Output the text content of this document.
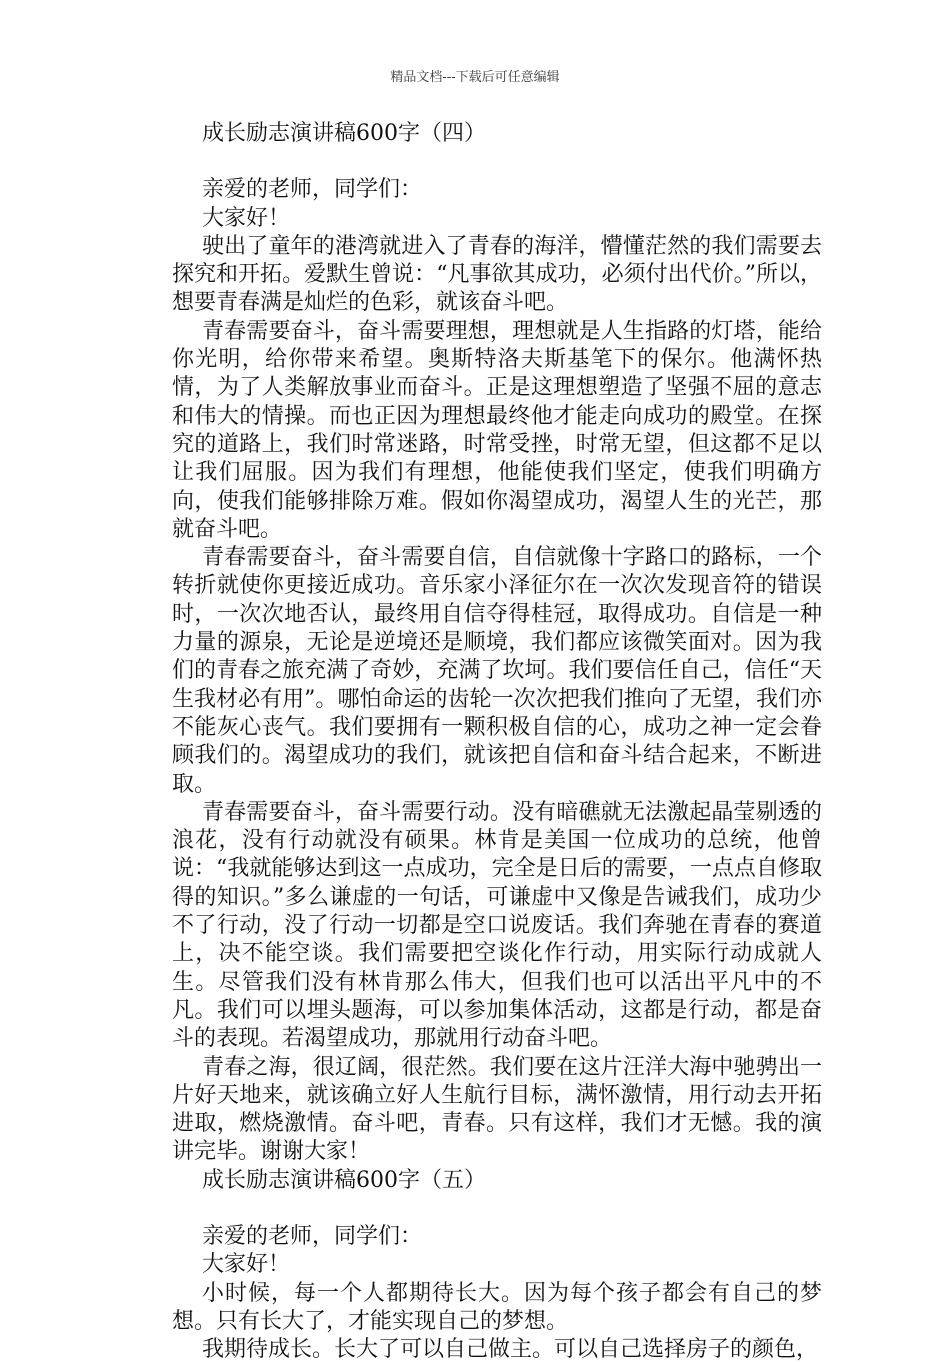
精品文档---下载后可任意编辑

成长励志演讲稿600字（四）

亲爱的老师，同学们：

大家好！

驶出了童年的港湾就进入了青春的海洋，懵懂茫然的我们需要去探究和开拓。爱默生曾说：“凡事欲其成功，必须付出代价。”所以，想要青春满是灿烂的色彩，就该奋斗吧。

青春需要奋斗，奋斗需要理想，理想就是人生指路的灯塔，能给你光明，给你带来希望。奥斯特洛夫斯基笔下的保尔。他满怀热情，为了人类解放事业而奋斗。正是这理想塑造了坚强不屈的意志和伟大的情操。而也正因为理想最终他才能走向成功的殿堂。在探究的道路上，我们时常迷路，时常受挫，时常无望，但这都不足以让我们屈服。因为我们有理想，他能使我们坚定，使我们明确方向，使我们能够排除万难。假如你渴望成功，渴望人生的光芒，那就奋斗吧。

青春需要奋斗，奋斗需要自信，自信就像十字路口的路标，一个转折就使你更接近成功。音乐家小泽征尔在一次次发现音符的错误时，一次次地否认，最终用自信夺得桂冠，取得成功。自信是一种力量的源泉，无论是逆境还是顺境，我们都应该微笑面对。因为我们的青春之旅充满了奇妙，充满了坎坷。我们要信任自己，信任“天生我材必有用”。哪怕命运的齿轮一次次把我们推向了无望，我们亦不能灰心丧气。我们要拥有一颗积极自信的心，成功之神一定会眷顾我们的。渴望成功的我们，就该把自信和奋斗结合起来，不断进取。

青春需要奋斗，奋斗需要行动。没有暗礁就无法激起晶莹剔透的浪花，没有行动就没有硕果。林肯是美国一位成功的总统，他曾说：“我就能够达到这一点成功，完全是日后的需要，一点点自修取得的知识。”多么谦虚的一句话，可谦虚中又像是告诫我们，成功少不了行动，没了行动一切都是空口说废话。我们奔驰在青春的赛道上，决不能空谈。我们需要把空谈化作行动，用实际行动成就人生。尽管我们没有林肯那么伟大，但我们也可以活出平凡中的不凡。我们可以埋头题海，可以参加集体活动，这都是行动，都是奋斗的表现。若渴望成功，那就用行动奋斗吧。

青春之海，很辽阔，很茫然。我们要在这片汪洋大海中驰骋出一片好天地来，就该确立好人生航行目标，满怀激情，用行动去开拓进取，燃烧激情。奋斗吧，青春。只有这样，我们才无憾。我的演讲完毕。谢谢大家！

成长励志演讲稿600字（五）

亲爱的老师，同学们：

大家好！

小时候，每一个人都期待长大。因为每个孩子都会有自己的梦想。只有长大了，才能实现自己的梦想。

我期待成长。长大了可以自己做主。可以自己选择房子的颜色，
